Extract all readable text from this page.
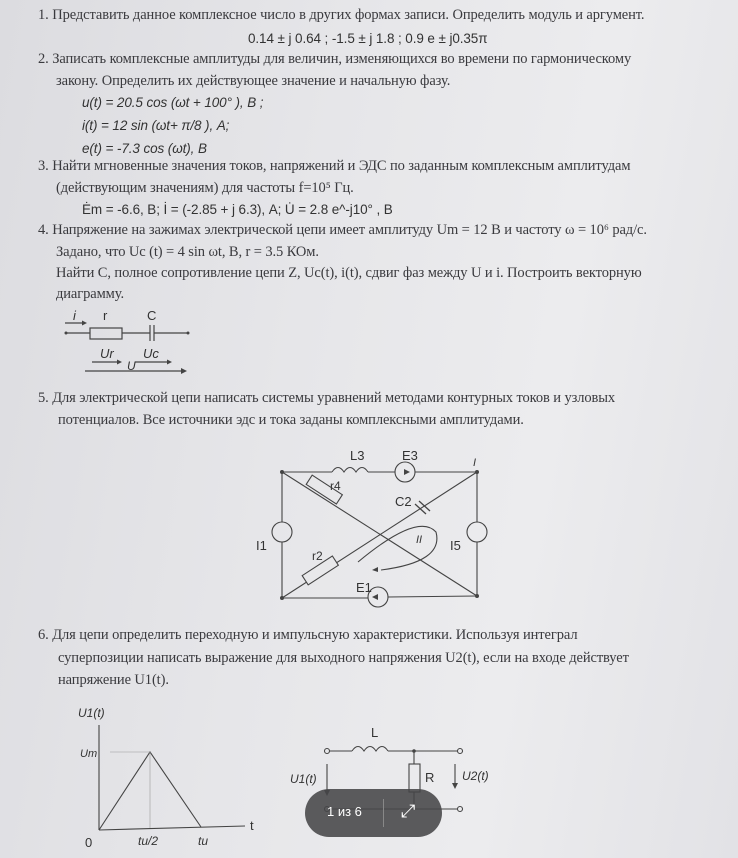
1. Представить данное комплексное число в других формах записи. Определить модуль и аргумент.
0.14 ± j 0.64 ; -1.5 ± j 1.8 ; 0.9 e ± j0.35π
2. Записать комплексные амплитуды для величин, изменяющихся во времени по гармоническому
закону. Определить их действующее значение и начальную фазу.
u(t) = 20.5 cos (ωt + 100° ), В ;
i(t) = 12 sin (ωt+ π/8 ), А;
e(t) = -7.3 cos (ωt), В
3. Найти мгновенные значения токов, напряжений и ЭДС по заданным комплексным амплитудам
(действующим значениям) для частоты f=10⁵ Гц.
Ėm = -6.6, В; İ = (-2.85 + j 6.3), А; U̇ = 2.8 e^-j10° , В
4. Напряжение на зажимах электрической цепи имеет амплитуду Um = 12 В и частоту ω = 10⁶ рад/с.
Задано, что Uc (t) = 4 sin ωt, В, r = 3.5 КОм.
Найти С, полное сопротивление цепи Z, Uc(t), i(t), сдвиг фаз между U и i. Построить векторную
диаграмму.
i r	C
Ur Uc
U
5. Для электрической цепи написать системы уравнений методами контурных токов и узловых
потенциалов. Все источники эдс и тока заданы комплексными амплитудами.
L3	E3
r4
C2
I1	I5
r2
E1
II
I
6. Для цепи определить переходную и импульсную характеристики. Используя интеграл
суперпозиции написать выражение для выходного напряжения U2(t), если на входе действует
напряжение U1(t).
U1(t)
Um
t
0	tu/2	tu
L
R
U1(t)	U2(t)
1 из 6 ⤢
